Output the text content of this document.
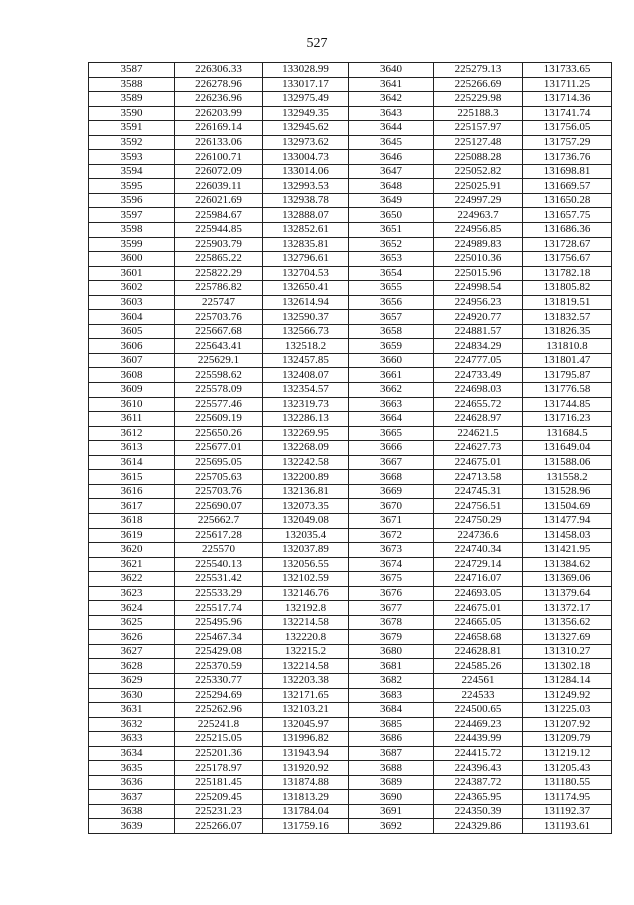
527
3587	226306.33	133028.99	3640	225279.13	131733.65
3588	226278.96	133017.17	3641	225266.69	131711.25
3589	226236.96	132975.49	3642	225229.98	131714.36
3590	226203.99	132949.35	3643	225188.3	131741.74
3591	226169.14	132945.62	3644	225157.97	131756.05
3592	226133.06	132973.62	3645	225127.48	131757.29
3593	226100.71	133004.73	3646	225088.28	131736.76
3594	226072.09	133014.06	3647	225052.82	131698.81
3595	226039.11	132993.53	3648	225025.91	131669.57
3596	226021.69	132938.78	3649	224997.29	131650.28
3597	225984.67	132888.07	3650	224963.7	131657.75
3598	225944.85	132852.61	3651	224956.85	131686.36
3599	225903.79	132835.81	3652	224989.83	131728.67
3600	225865.22	132796.61	3653	225010.36	131756.67
3601	225822.29	132704.53	3654	225015.96	131782.18
3602	225786.82	132650.41	3655	224998.54	131805.82
3603	225747	132614.94	3656	224956.23	131819.51
3604	225703.76	132590.37	3657	224920.77	131832.57
3605	225667.68	132566.73	3658	224881.57	131826.35
3606	225643.41	132518.2	3659	224834.29	131810.8
3607	225629.1	132457.85	3660	224777.05	131801.47
3608	225598.62	132408.07	3661	224733.49	131795.87
3609	225578.09	132354.57	3662	224698.03	131776.58
3610	225577.46	132319.73	3663	224655.72	131744.85
3611	225609.19	132286.13	3664	224628.97	131716.23
3612	225650.26	132269.95	3665	224621.5	131684.5
3613	225677.01	132268.09	3666	224627.73	131649.04
3614	225695.05	132242.58	3667	224675.01	131588.06
3615	225705.63	132200.89	3668	224713.58	131558.2
3616	225703.76	132136.81	3669	224745.31	131528.96
3617	225690.07	132073.35	3670	224756.51	131504.69
3618	225662.7	132049.08	3671	224750.29	131477.94
3619	225617.28	132035.4	3672	224736.6	131458.03
3620	225570	132037.89	3673	224740.34	131421.95
3621	225540.13	132056.55	3674	224729.14	131384.62
3622	225531.42	132102.59	3675	224716.07	131369.06
3623	225533.29	132146.76	3676	224693.05	131379.64
3624	225517.74	132192.8	3677	224675.01	131372.17
3625	225495.96	132214.58	3678	224665.05	131356.62
3626	225467.34	132220.8	3679	224658.68	131327.69
3627	225429.08	132215.2	3680	224628.81	131310.27
3628	225370.59	132214.58	3681	224585.26	131302.18
3629	225330.77	132203.38	3682	224561	131284.14
3630	225294.69	132171.65	3683	224533	131249.92
3631	225262.96	132103.21	3684	224500.65	131225.03
3632	225241.8	132045.97	3685	224469.23	131207.92
3633	225215.05	131996.82	3686	224439.99	131209.79
3634	225201.36	131943.94	3687	224415.72	131219.12
3635	225178.97	131920.92	3688	224396.43	131205.43
3636	225181.45	131874.88	3689	224387.72	131180.55
3637	225209.45	131813.29	3690	224365.95	131174.95
3638	225231.23	131784.04	3691	224350.39	131192.37
3639	225266.07	131759.16	3692	224329.86	131193.61
